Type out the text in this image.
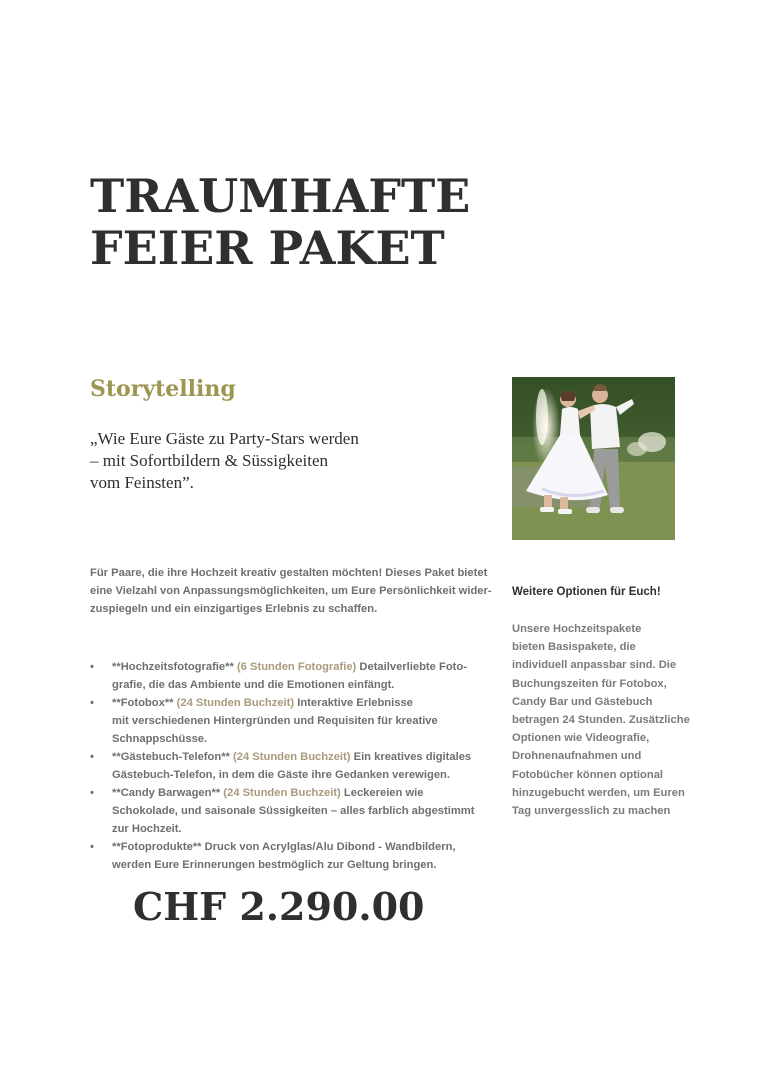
TRAUMHAFTE
FEIER PAKET
Storytelling

„Wie Eure Gäste zu Party-Stars werden
– mit Sofortbildern & Süssigkeiten
vom Feinsten”.

Für Paare, die ihre Hochzeit kreativ gestalten möchten! Dieses Paket bietet
eine Vielzahl von Anpassungsmöglichkeiten, um Eure Persönlichkeit wider-
zuspiegeln und ein einzigartiges Erlebnis zu schaffen.

• **Hochzeitsfotografie** (6 Stunden Fotografie) Detailverliebte Foto-
grafie, die das Ambiente und die Emotionen einfängt.
• **Fotobox** (24 Stunden Buchzeit) Interaktive Erlebnisse
mit verschiedenen Hintergründen und Requisiten für kreative
Schnappschüsse.
• **Gästebuch-Telefon** (24 Stunden Buchzeit) Ein kreatives digitales
Gästebuch-Telefon, in dem die Gäste ihre Gedanken verewigen.
• **Candy Barwagen** (24 Stunden Buchzeit) Leckereien wie
Schokolade, und saisonale Süssigkeiten – alles farblich abgestimmt
zur Hochzeit.
• **Fotoprodukte** Druck von Acrylglas/Alu Dibond - Wandbildern,
werden Eure Erinnerungen bestmöglich zur Geltung bringen.
CHF 2.290.00
Weitere Optionen für Euch!

Unsere Hochzeitspakete
bieten Basispakete, die
individuell anpassbar sind. Die
Buchungszeiten für Fotobox,
Candy Bar und Gästebuch
betragen 24 Stunden. Zusätzliche
Optionen wie Videografie,
Drohnenaufnahmen und
Fotobücher können optional
hinzugebucht werden, um Euren
Tag unvergesslich zu machen
